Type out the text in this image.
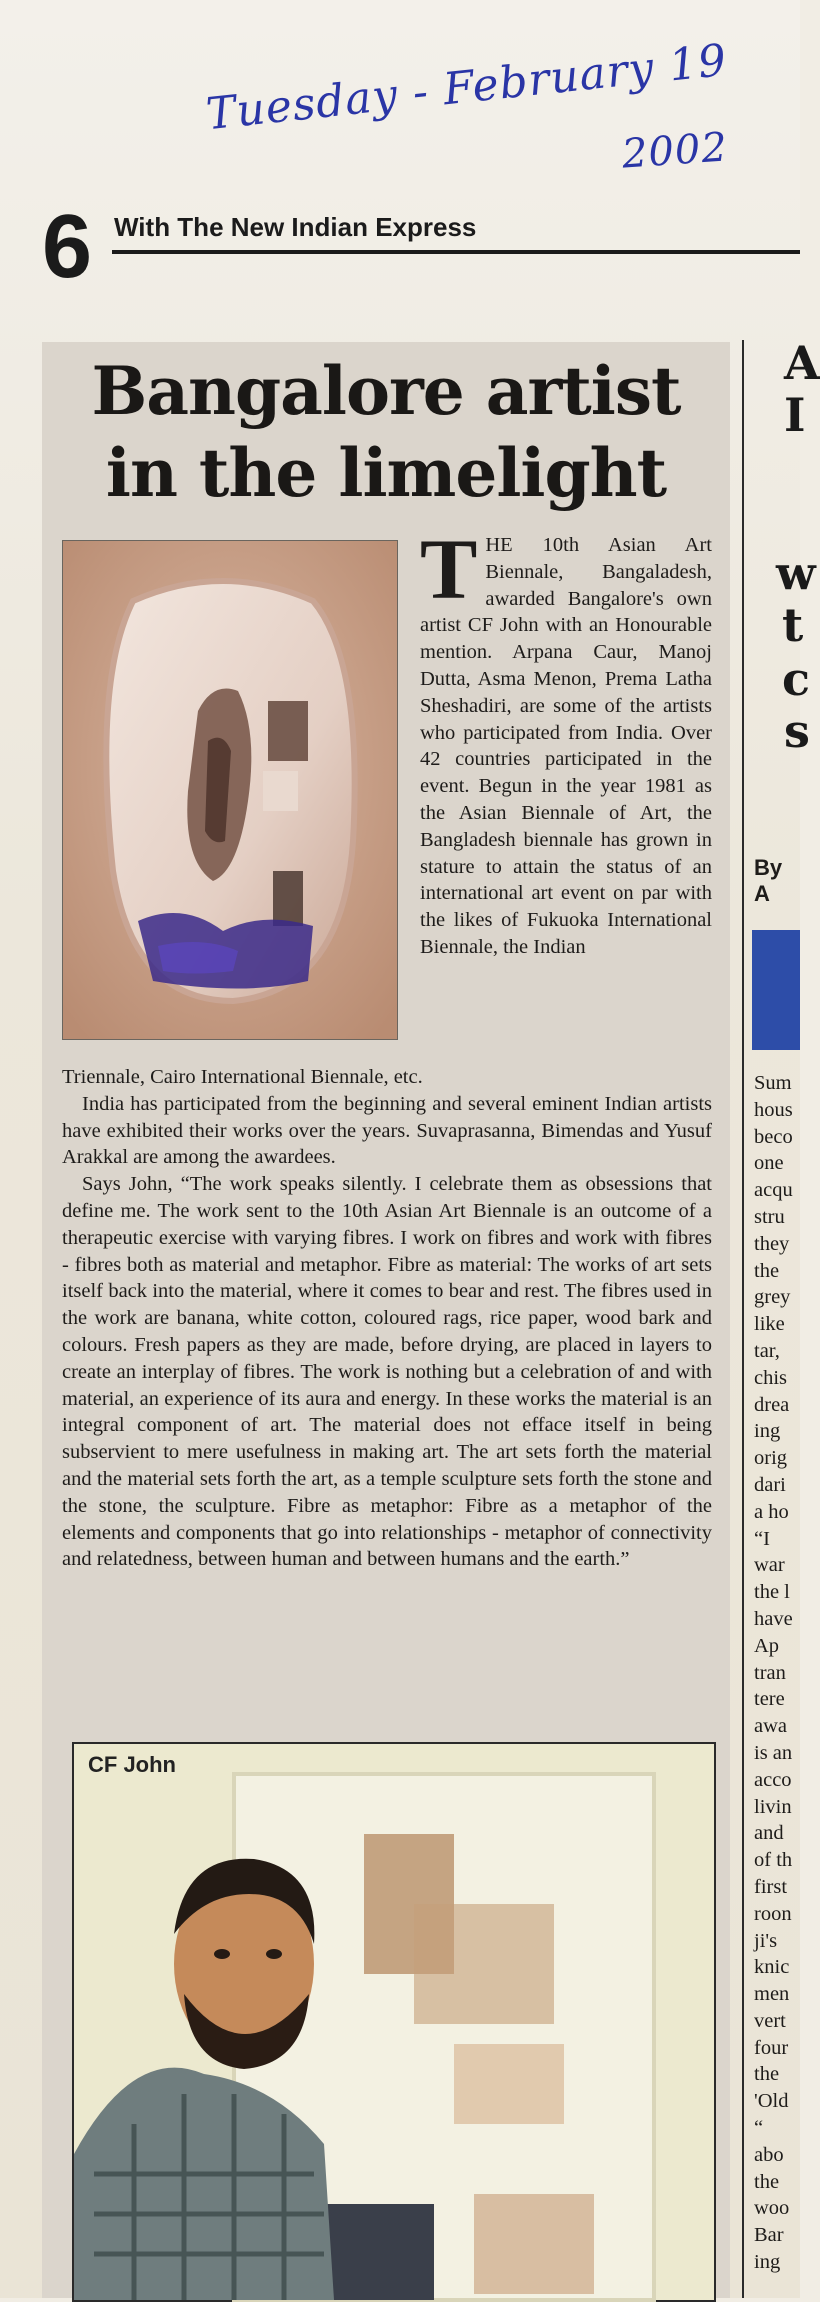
Tuesday - February 19
2002
6 With The New Indian Express
Bangalore artist
in the limelight
THE 10th Asian Art Biennale, Bangaladesh, awarded Bangalore's own artist CF John with an Honourable mention. Arpana Caur, Manoj Dutta, Asma Menon, Prema Latha Sheshadiri, are some of the artists who participated from India. Over 42 countries participated in the event. Begun in the year 1981 as the Asian Biennale of Art, the Bangladesh biennale has grown in stature to attain the status of an international art event on par with the likes of Fukuoka International Biennale, the Indian

Triennale, Cairo International Biennale, etc.

India has participated from the beginning and several eminent Indian artists have exhibited their works over the years. Suvaprasanna, Bimendas and Yusuf Arakkal are among the awardees.

Says John, “The work speaks silently. I celebrate them as obsessions that define me. The work sent to the 10th Asian Art Biennale is an outcome of a therapeutic exercise with varying fibres. I work on fibres and work with fibres - fibres both as material and metaphor. Fibre as material: The works of art sets itself back into the material, where it comes to bear and rest. The fibres used in the work are banana, white cotton, coloured rags, rice paper, wood bark and colours. Fresh papers as they are made, before drying, are placed in layers to create an interplay of fibres. The work is nothing but a celebration of and with material, an experience of its aura and energy. In these works the material is an integral component of art. The material does not efface itself in being subservient to mere usefulness in making art. The art sets forth the material and the material sets forth the art, as a temple sculpture sets forth the stone and the stone, the sculpture. Fibre as metaphor: Fibre as a metaphor of the elements and components that go into relationships - metaphor of connectivity and relatedness, between human and between humans and the earth.”

CF John
A
I
w
t
c
s
By A
Sum
hous
beco
one
acqu
stru
they
the
grey
like
tar,
chis
drea
ing
orig
dari
a ho
“I
war
the l
have
Ap
tran
tere
awa
is an
acco
livin
and
of th
first
roon
ji's
knic
men
vert
four
the
'Old
“
abo
the
woo
Bar
ing
